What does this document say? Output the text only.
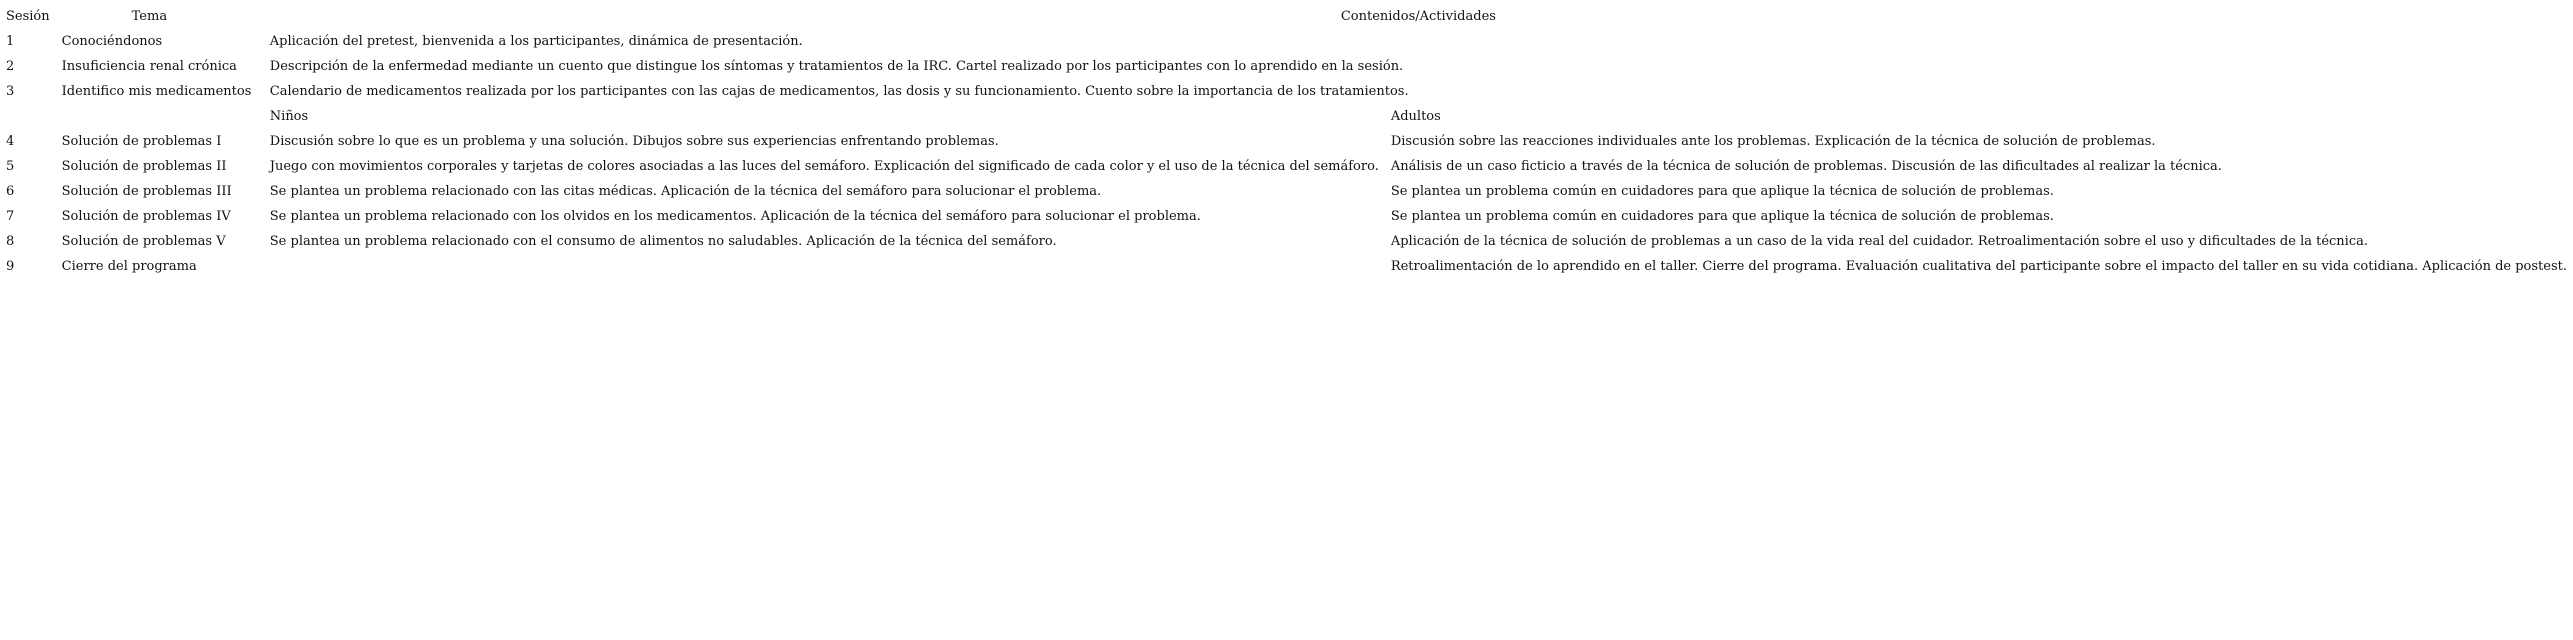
Sesión	Tema	Contenidos/Actividades	
1	Conociéndonos	Aplicación del pretest, bienvenida a los participantes, dinámica de presentación.	
2	Insuficiencia renal crónica	Descripción de la enfermedad mediante un cuento que distingue los síntomas y tratamientos de la IRC. Cartel realizado por los participantes con lo aprendido en la sesión.	
3	Identifico mis medicamentos	Calendario de medicamentos realizada por los participantes con las cajas de medicamentos, las dosis y su funcionamiento. Cuento sobre la importancia de los tratamientos.	
		Niños	Adultos
4	Solución de problemas I	Discusión sobre lo que es un problema y una solución. Dibujos sobre sus experiencias enfrentando problemas.	Discusión sobre las reacciones individuales ante los problemas. Explicación de la técnica de solución de problemas.
5	Solución de problemas II	Juego con movimientos corporales y tarjetas de colores asociadas a las luces del semáforo. Explicación del significado de cada color y el uso de la técnica del semáforo.	Análisis de un caso ficticio a través de la técnica de solución de problemas. Discusión de las dificultades al realizar la técnica.
6	Solución de problemas III	Se plantea un problema relacionado con las citas médicas. Aplicación de la técnica del semáforo para solucionar el problema.	Se plantea un problema común en cuidadores para que aplique la técnica de solución de problemas.
7	Solución de problemas IV	Se plantea un problema relacionado con los olvidos en los medicamentos. Aplicación de la técnica del semáforo para solucionar el problema.	Se plantea un problema común en cuidadores para que aplique la técnica de solución de problemas.
8	Solución de problemas V	Se plantea un problema relacionado con el consumo de alimentos no saludables. Aplicación de la técnica del semáforo.	Aplicación de la técnica de solución de problemas a un caso de la vida real del cuidador. Retroalimentación sobre el uso y dificultades de la técnica.
9	Cierre del programa		Retroalimentación de lo aprendido en el taller. Cierre del programa. Evaluación cualitativa del participante sobre el impacto del taller en su vida cotidiana. Aplicación de postest.
